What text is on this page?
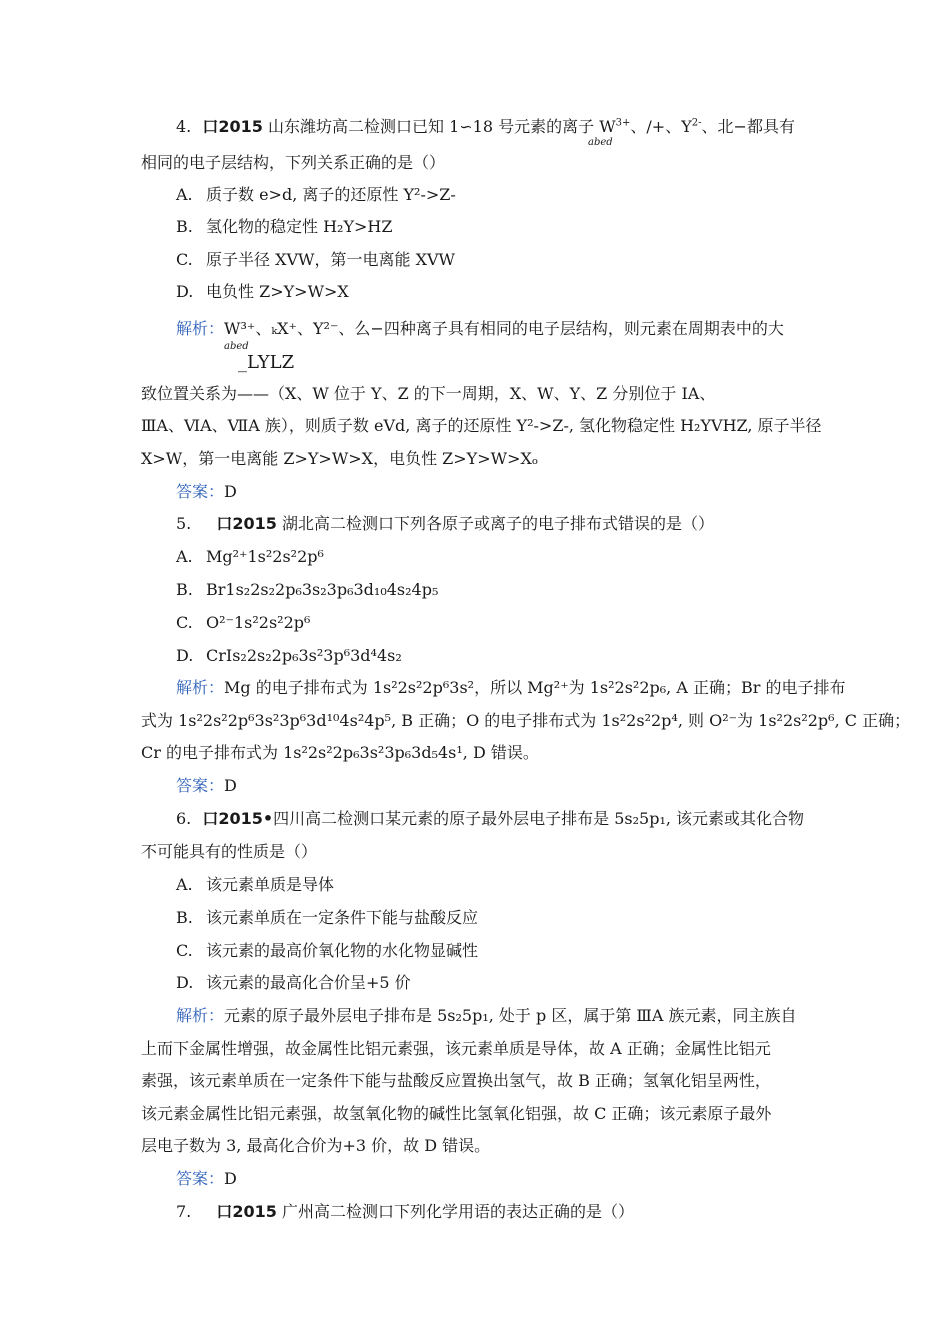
4. 口2015 山东潍坊高二检测口已知 1∽18 号元素的离子 $W^{3+}$、/+、$Y^{2-}$、北−都具有
abed
相同的电子层结构，下列关系正确的是（）
A. 质子数 e>d, 离子的还原性 Y²->Z-
B. 氢化物的稳定性 H₂Y>HZ
C. 原子半径 XVW，第一电离能 XVW
D. 电负性 Z>Y>W>X
解析：W³⁺、ₖX⁺、Y²⁻、么−四种离子具有相同的电子层结构，则元素在周期表中的大
abed
_LYLZ
致位置关系为——（X、W 位于 Y、Z 的下一周期，X、W、Y、Z 分别位于 ⅠA、
ⅢA、ⅥA、ⅦA 族），则质子数 eVd, 离子的还原性 Y²->Z-, 氢化物稳定性 H₂YVHZ, 原子半径
X>W，第一电离能 Z>Y>W>X，电负性 Z>Y>W>Xₒ
答案：D
5. 口2015 湖北高二检测口下列各原子或离子的电子排布式错误的是（）
A. Mg²⁺1s²2s²2p⁶
B. Br1s₂2s₂2p₆3s₂3p₆3d₁₀4s₂4p₅
C. O²⁻1s²2s²2p⁶
D. CrIs₂2s₂2p₆3s²3p⁶3d⁴4s₂
解析：Mg 的电子排布式为 1s²2s²2p⁶3s²，所以 Mg²⁺为 1s²2s²2p₆, A 正确；Br 的电子排布
式为 1s²2s²2p⁶3s²3p⁶3d¹⁰4s²4p⁵, B 正确；O 的电子排布式为 1s²2s²2p⁴, 则 O²⁻为 1s²2s²2p⁶, C 正确；
Cr 的电子排布式为 1s²2s²2p₆3s²3p₆3d₅4s¹, D 错误。
答案：D
6. 口2015•四川高二检测口某元素的原子最外层电子排布是 5s₂5p₁, 该元素或其化合物
不可能具有的性质是（）
A. 该元素单质是导体
B. 该元素单质在一定条件下能与盐酸反应
C. 该元素的最高价氧化物的水化物显碱性
D. 该元素的最高化合价呈+5 价
解析：元素的原子最外层电子排布是 5s₂5p₁, 处于 p 区，属于第 ⅢA 族元素，同主族自
上而下金属性增强，故金属性比铝元素强，该元素单质是导体，故 A 正确；金属性比铝元
素强，该元素单质在一定条件下能与盐酸反应置换出氢气，故 B 正确；氢氧化铝呈两性，
该元素金属性比铝元素强，故氢氧化物的碱性比氢氧化铝强，故 C 正确；该元素原子最外
层电子数为 3, 最高化合价为+3 价，故 D 错误。
答案：D
7. 口2015 广州高二检测口下列化学用语的表达正确的是（）
